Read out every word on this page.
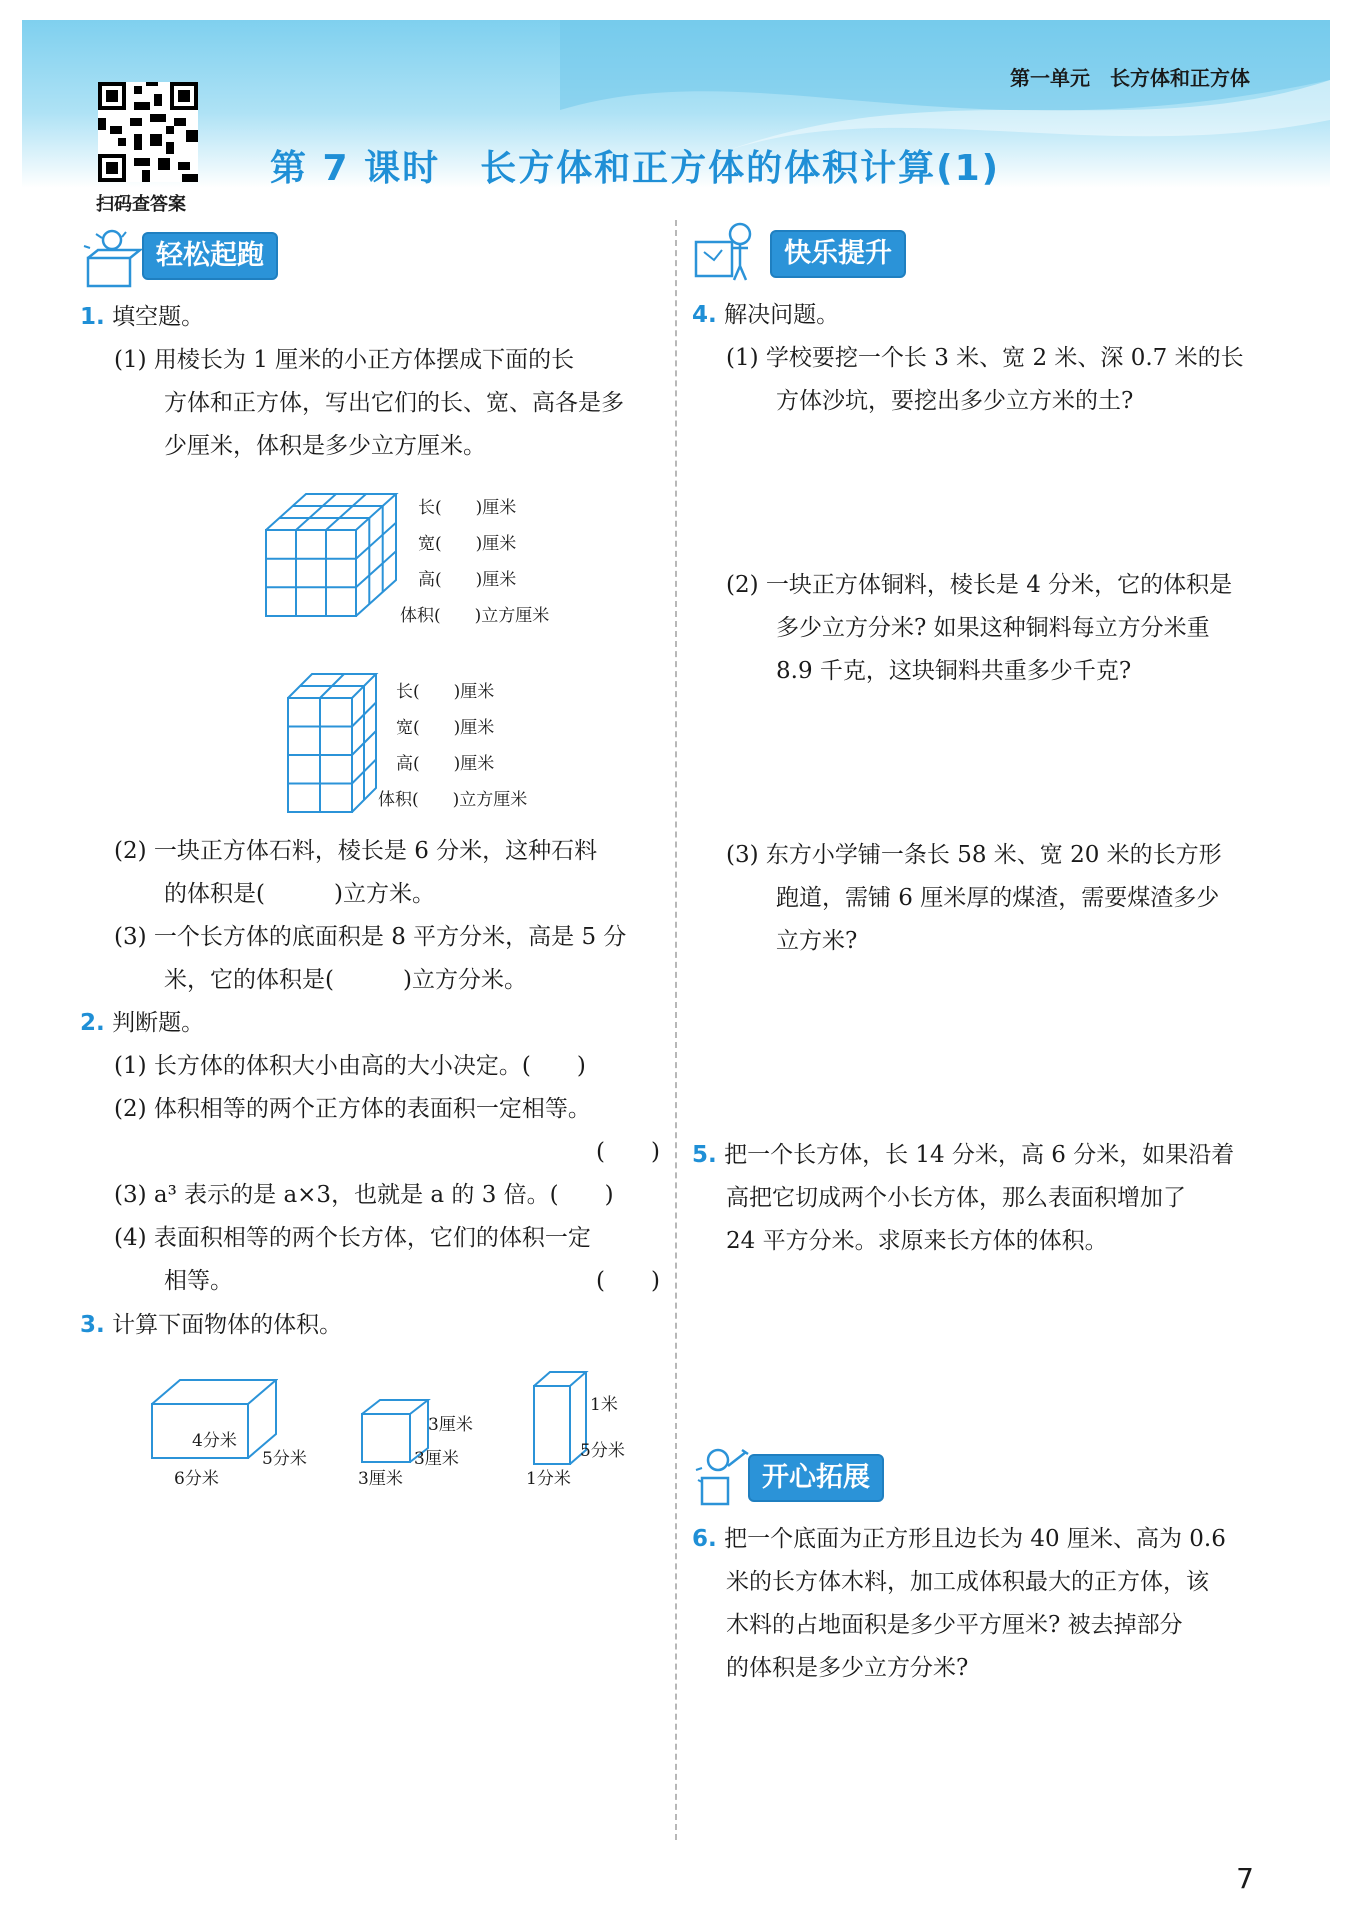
第一单元　长方体和正方体
扫码查答案
第 7 课时 长方体和正方体的体积计算(1)
轻松起跑
1. 填空题。
(1) 用棱长为 1 厘米的小正方体摆成下面的长
方体和正方体，写出它们的长、宽、高各是多
少厘米，体积是多少立方厘米。
长(　　)厘米
宽(　　)厘米
高(　　)厘米
体积(　　)立方厘米
长(　　)厘米
宽(　　)厘米
高(　　)厘米
体积(　　)立方厘米
(2) 一块正方体石料，棱长是 6 分米，这种石料
的体积是(　　　)立方米。
(3) 一个长方体的底面积是 8 平方分米，高是 5 分
米，它的体积是(　　　)立方分米。
2. 判断题。
(1) 长方体的体积大小由高的大小决定。(　　)
(2) 体积相等的两个正方体的表面积一定相等。
(　　)
(3) a³ 表示的是 a×3，也就是 a 的 3 倍。(　　)
(4) 表面积相等的两个长方体，它们的体积一定
相等。	(　　)
3. 计算下面物体的体积。
4分米
5分米
6分米
3厘米
3厘米
3厘米
1米
5分米
1分米
快乐提升
4. 解决问题。
(1) 学校要挖一个长 3 米、宽 2 米、深 0.7 米的长
方体沙坑，要挖出多少立方米的土?
(2) 一块正方体铜料，棱长是 4 分米，它的体积是
多少立方分米? 如果这种铜料每立方分米重
8.9 千克，这块铜料共重多少千克?
(3) 东方小学铺一条长 58 米、宽 20 米的长方形
跑道，需铺 6 厘米厚的煤渣，需要煤渣多少
立方米?
5. 把一个长方体，长 14 分米，高 6 分米，如果沿着
高把它切成两个小长方体，那么表面积增加了
24 平方分米。求原来长方体的体积。
开心拓展
6. 把一个底面为正方形且边长为 40 厘米、高为 0.6
米的长方体木料，加工成体积最大的正方体，该
木料的占地面积是多少平方厘米? 被去掉部分
的体积是多少立方分米?
7
